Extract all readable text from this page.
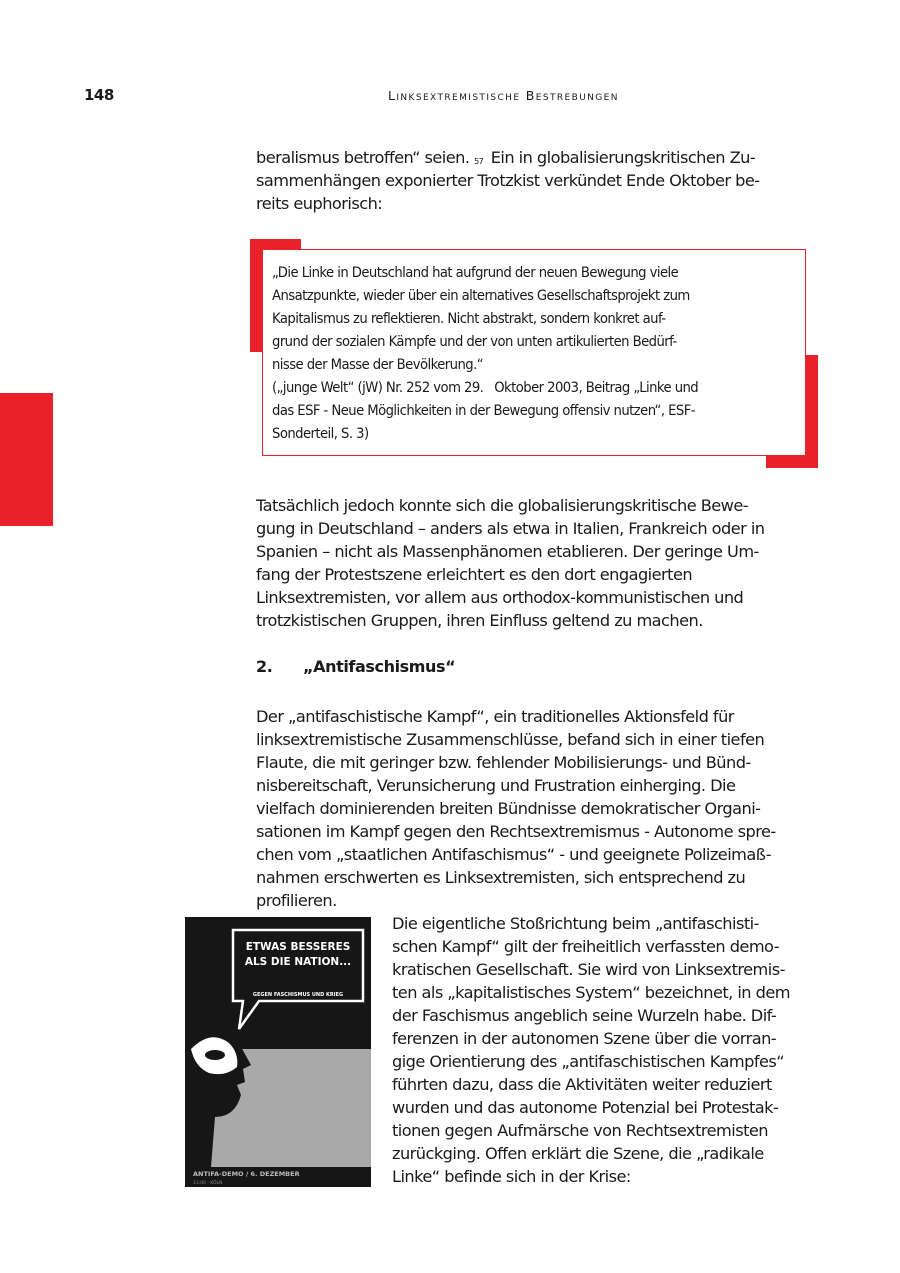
148	Linksextremistische Bestrebungen

beralismus betroffen“ seien. $^{57}$ Ein in globalisierungskritischen Zu-
sammenhängen exponierter Trotzkist verkündet Ende Oktober be-
reits euphorisch:

„Die Linke in Deutschland hat aufgrund der neuen Bewegung viele
Ansatzpunkte, wieder über ein alternatives Gesellschaftsprojekt zum
Kapitalismus zu reflektieren. Nicht abstrakt, sondern konkret auf-
grund der sozialen Kämpfe und der von unten artikulierten Bedürf-
nisse der Masse der Bevölkerung.“
(„junge Welt“ (jW) Nr. 252 vom 29.   Oktober 2003, Beitrag „Linke und
das ESF - Neue Möglichkeiten in der Bewegung offensiv nutzen“, ESF-
Sonderteil, S. 3)

Tatsächlich jedoch konnte sich die globalisierungskritische Bewe-
gung in Deutschland – anders als etwa in Italien, Frankreich oder in
Spanien – nicht als Massenphänomen etablieren. Der geringe Um-
fang der Protestszene erleichtert es den dort engagierten
Linksextremisten, vor allem aus orthodox-kommunistischen und
trotzkistischen Gruppen, ihren Einfluss geltend zu machen.

2. „Antifaschismus“

Der „antifaschistische Kampf“, ein traditionelles Aktionsfeld für
linksextremistische Zusammenschlüsse, befand sich in einer tiefen
Flaute, die mit geringer bzw. fehlender Mobilisierungs- und Bünd-
nisbereitschaft, Verunsicherung und Frustration einherging. Die
vielfach dominierenden breiten Bündnisse demokratischer Organi-
sationen im Kampf gegen den Rechtsextremismus - Autonome spre-
chen vom „staatlichen Antifaschismus“ - und geeignete Polizeimaß-
nahmen erschwerten es Linksextremisten, sich entsprechend zu
profilieren.

ETWAS BESSERES
ALS DIE NATION...
GEGEN FASCHISMUS UND KRIEG
ANTIFA-DEMO / 6. DEZEMBER
13:00 · KÖLN

Die eigentliche Stoßrichtung beim „antifaschisti-
schen Kampf“ gilt der freiheitlich verfassten demo-
kratischen Gesellschaft. Sie wird von Linksextremis-
ten als „kapitalistisches System“ bezeichnet, in dem
der Faschismus angeblich seine Wurzeln habe. Dif-
ferenzen in der autonomen Szene über die vorran-
gige Orientierung des „antifaschistischen Kampfes“
führten dazu, dass die Aktivitäten weiter reduziert
wurden und das autonome Potenzial bei Protestak-
tionen gegen Aufmärsche von Rechtsextremisten
zurückging. Offen erklärt die Szene, die „radikale
Linke“ befinde sich in der Krise:
